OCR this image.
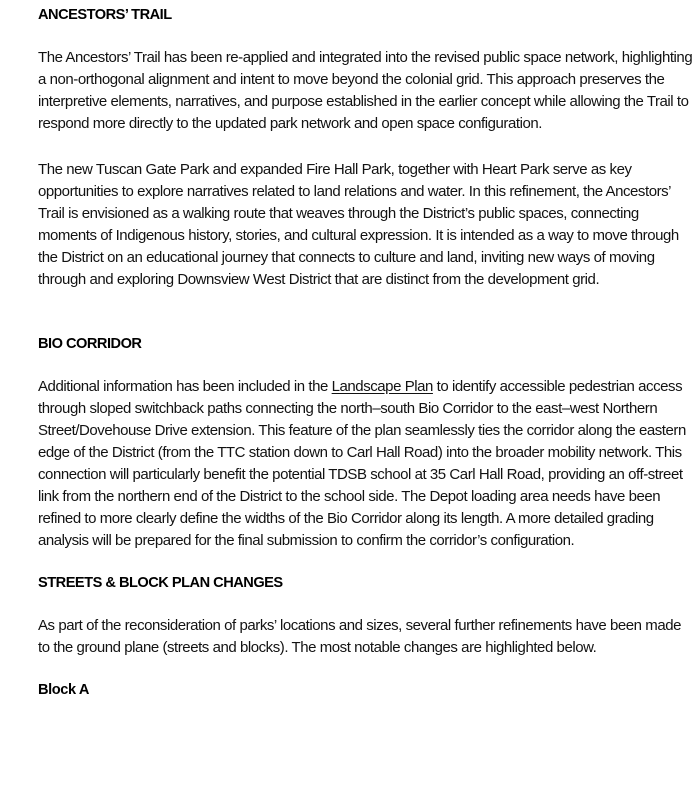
ANCESTORS’ TRAIL

The Ancestors’ Trail has been re-applied and integrated into the revised public space network, highlighting a non-orthogonal alignment and intent to move beyond the colonial grid. This approach preserves the interpretive elements, narratives, and purpose established in the earlier concept while allowing the Trail to respond more directly to the updated park network and open space configuration.

The new Tuscan Gate Park and expanded Fire Hall Park, together with Heart Park serve as key opportunities to explore narratives related to land relations and water. In this refinement, the Ancestors’ Trail is envisioned as a walking route that weaves through the District’s public spaces, connecting moments of Indigenous history, stories, and cultural expression. It is intended as a way to move through the District on an educational journey that connects to culture and land, inviting new ways of moving through and exploring Downsview West District that are distinct from the development grid.

BIO CORRIDOR

Additional information has been included in the Landscape Plan to identify accessible pedestrian access through sloped switchback paths connecting the north–south Bio Corridor to the east–west Northern Street/Dovehouse Drive extension. This feature of the plan seamlessly ties the corridor along the eastern edge of the District (from the TTC station down to Carl Hall Road) into the broader mobility network. This connection will particularly benefit the potential TDSB school at 35 Carl Hall Road, providing an off-street link from the northern end of the District to the school side. The Depot loading area needs have been refined to more clearly define the widths of the Bio Corridor along its length. A more detailed grading analysis will be prepared for the final submission to confirm the corridor’s configuration.

STREETS & BLOCK PLAN CHANGES

As part of the reconsideration of parks’ locations and sizes, several further refinements have been made to the ground plane (streets and blocks). The most notable changes are highlighted below.

Block A
